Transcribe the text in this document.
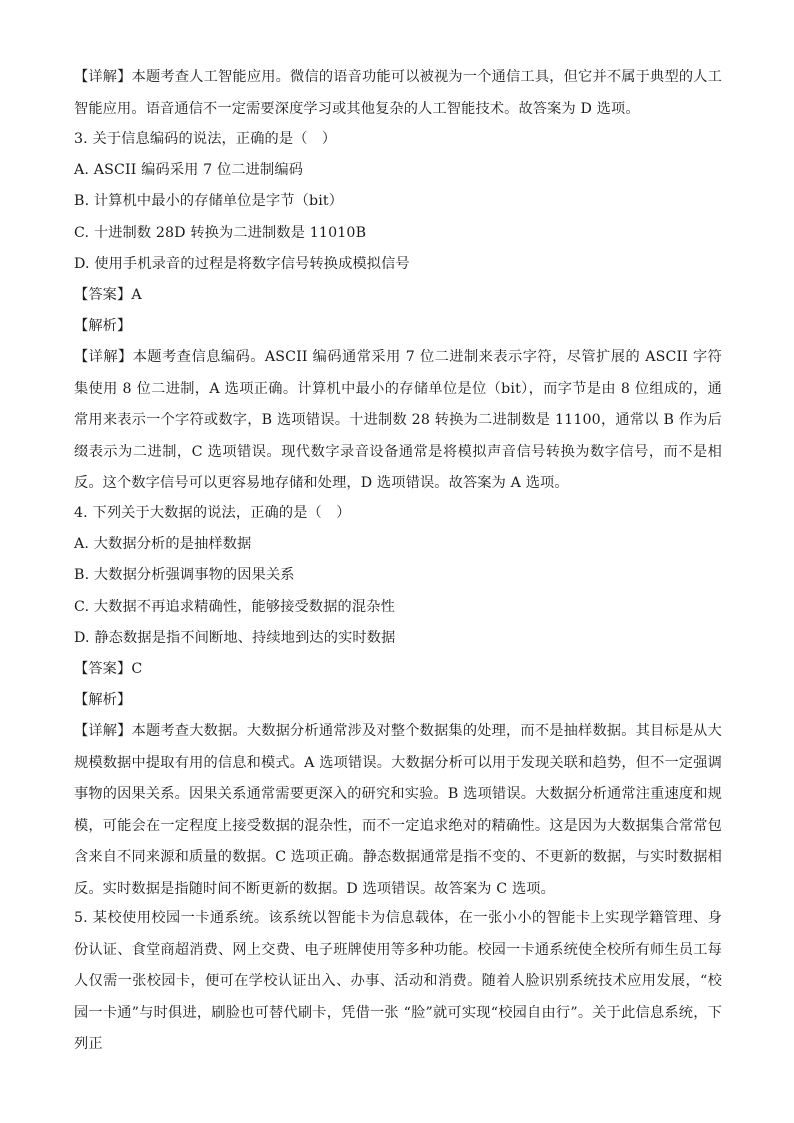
【详解】本题考查人工智能应用。微信的语音功能可以被视为一个通信工具，但它并不属于典型的人工智能应用。语音通信不一定需要深度学习或其他复杂的人工智能技术。故答案为 D 选项。

3. 关于信息编码的说法，正确的是（　）

A. ASCII 编码采用 7 位二进制编码

B. 计算机中最小的存储单位是字节（bit）

C. 十进制数 28D 转换为二进制数是 11010B

D. 使用手机录音的过程是将数字信号转换成模拟信号

【答案】A

【解析】

【详解】本题考查信息编码。ASCII 编码通常采用 7 位二进制来表示字符，尽管扩展的 ASCII 字符集使用 8 位二进制，A 选项正确。计算机中最小的存储单位是位（bit），而字节是由 8 位组成的，通常用来表示一个字符或数字，B 选项错误。十进制数 28 转换为二进制数是 11100，通常以 B 作为后缀表示为二进制，C 选项错误。现代数字录音设备通常是将模拟声音信号转换为数字信号，而不是相反。这个数字信号可以更容易地存储和处理，D 选项错误。故答案为 A 选项。

4. 下列关于大数据的说法，正确的是（　）

A. 大数据分析的是抽样数据

B. 大数据分析强调事物的因果关系

C. 大数据不再追求精确性，能够接受数据的混杂性

D. 静态数据是指不间断地、持续地到达的实时数据

【答案】C

【解析】

【详解】本题考查大数据。大数据分析通常涉及对整个数据集的处理，而不是抽样数据。其目标是从大规模数据中提取有用的信息和模式。A 选项错误。大数据分析可以用于发现关联和趋势，但不一定强调事物的因果关系。因果关系通常需要更深入的研究和实验。B 选项错误。大数据分析通常注重速度和规模，可能会在一定程度上接受数据的混杂性，而不一定追求绝对的精确性。这是因为大数据集合常常包含来自不同来源和质量的数据。C 选项正确。静态数据通常是指不变的、不更新的数据，与实时数据相反。实时数据是指随时间不断更新的数据。D 选项错误。故答案为 C 选项。

5. 某校使用校园一卡通系统。该系统以智能卡为信息载体，在一张小小的智能卡上实现学籍管理、身份认证、食堂商超消费、网上交费、电子班牌使用等多种功能。校园一卡通系统使全校所有师生员工每人仅需一张校园卡，便可在学校认证出入、办事、活动和消费。随着人脸识别系统技术应用发展，“校园一卡通”与时俱进，刷脸也可替代刷卡，凭借一张 “脸”就可实现“校园自由行”。关于此信息系统，下列正
